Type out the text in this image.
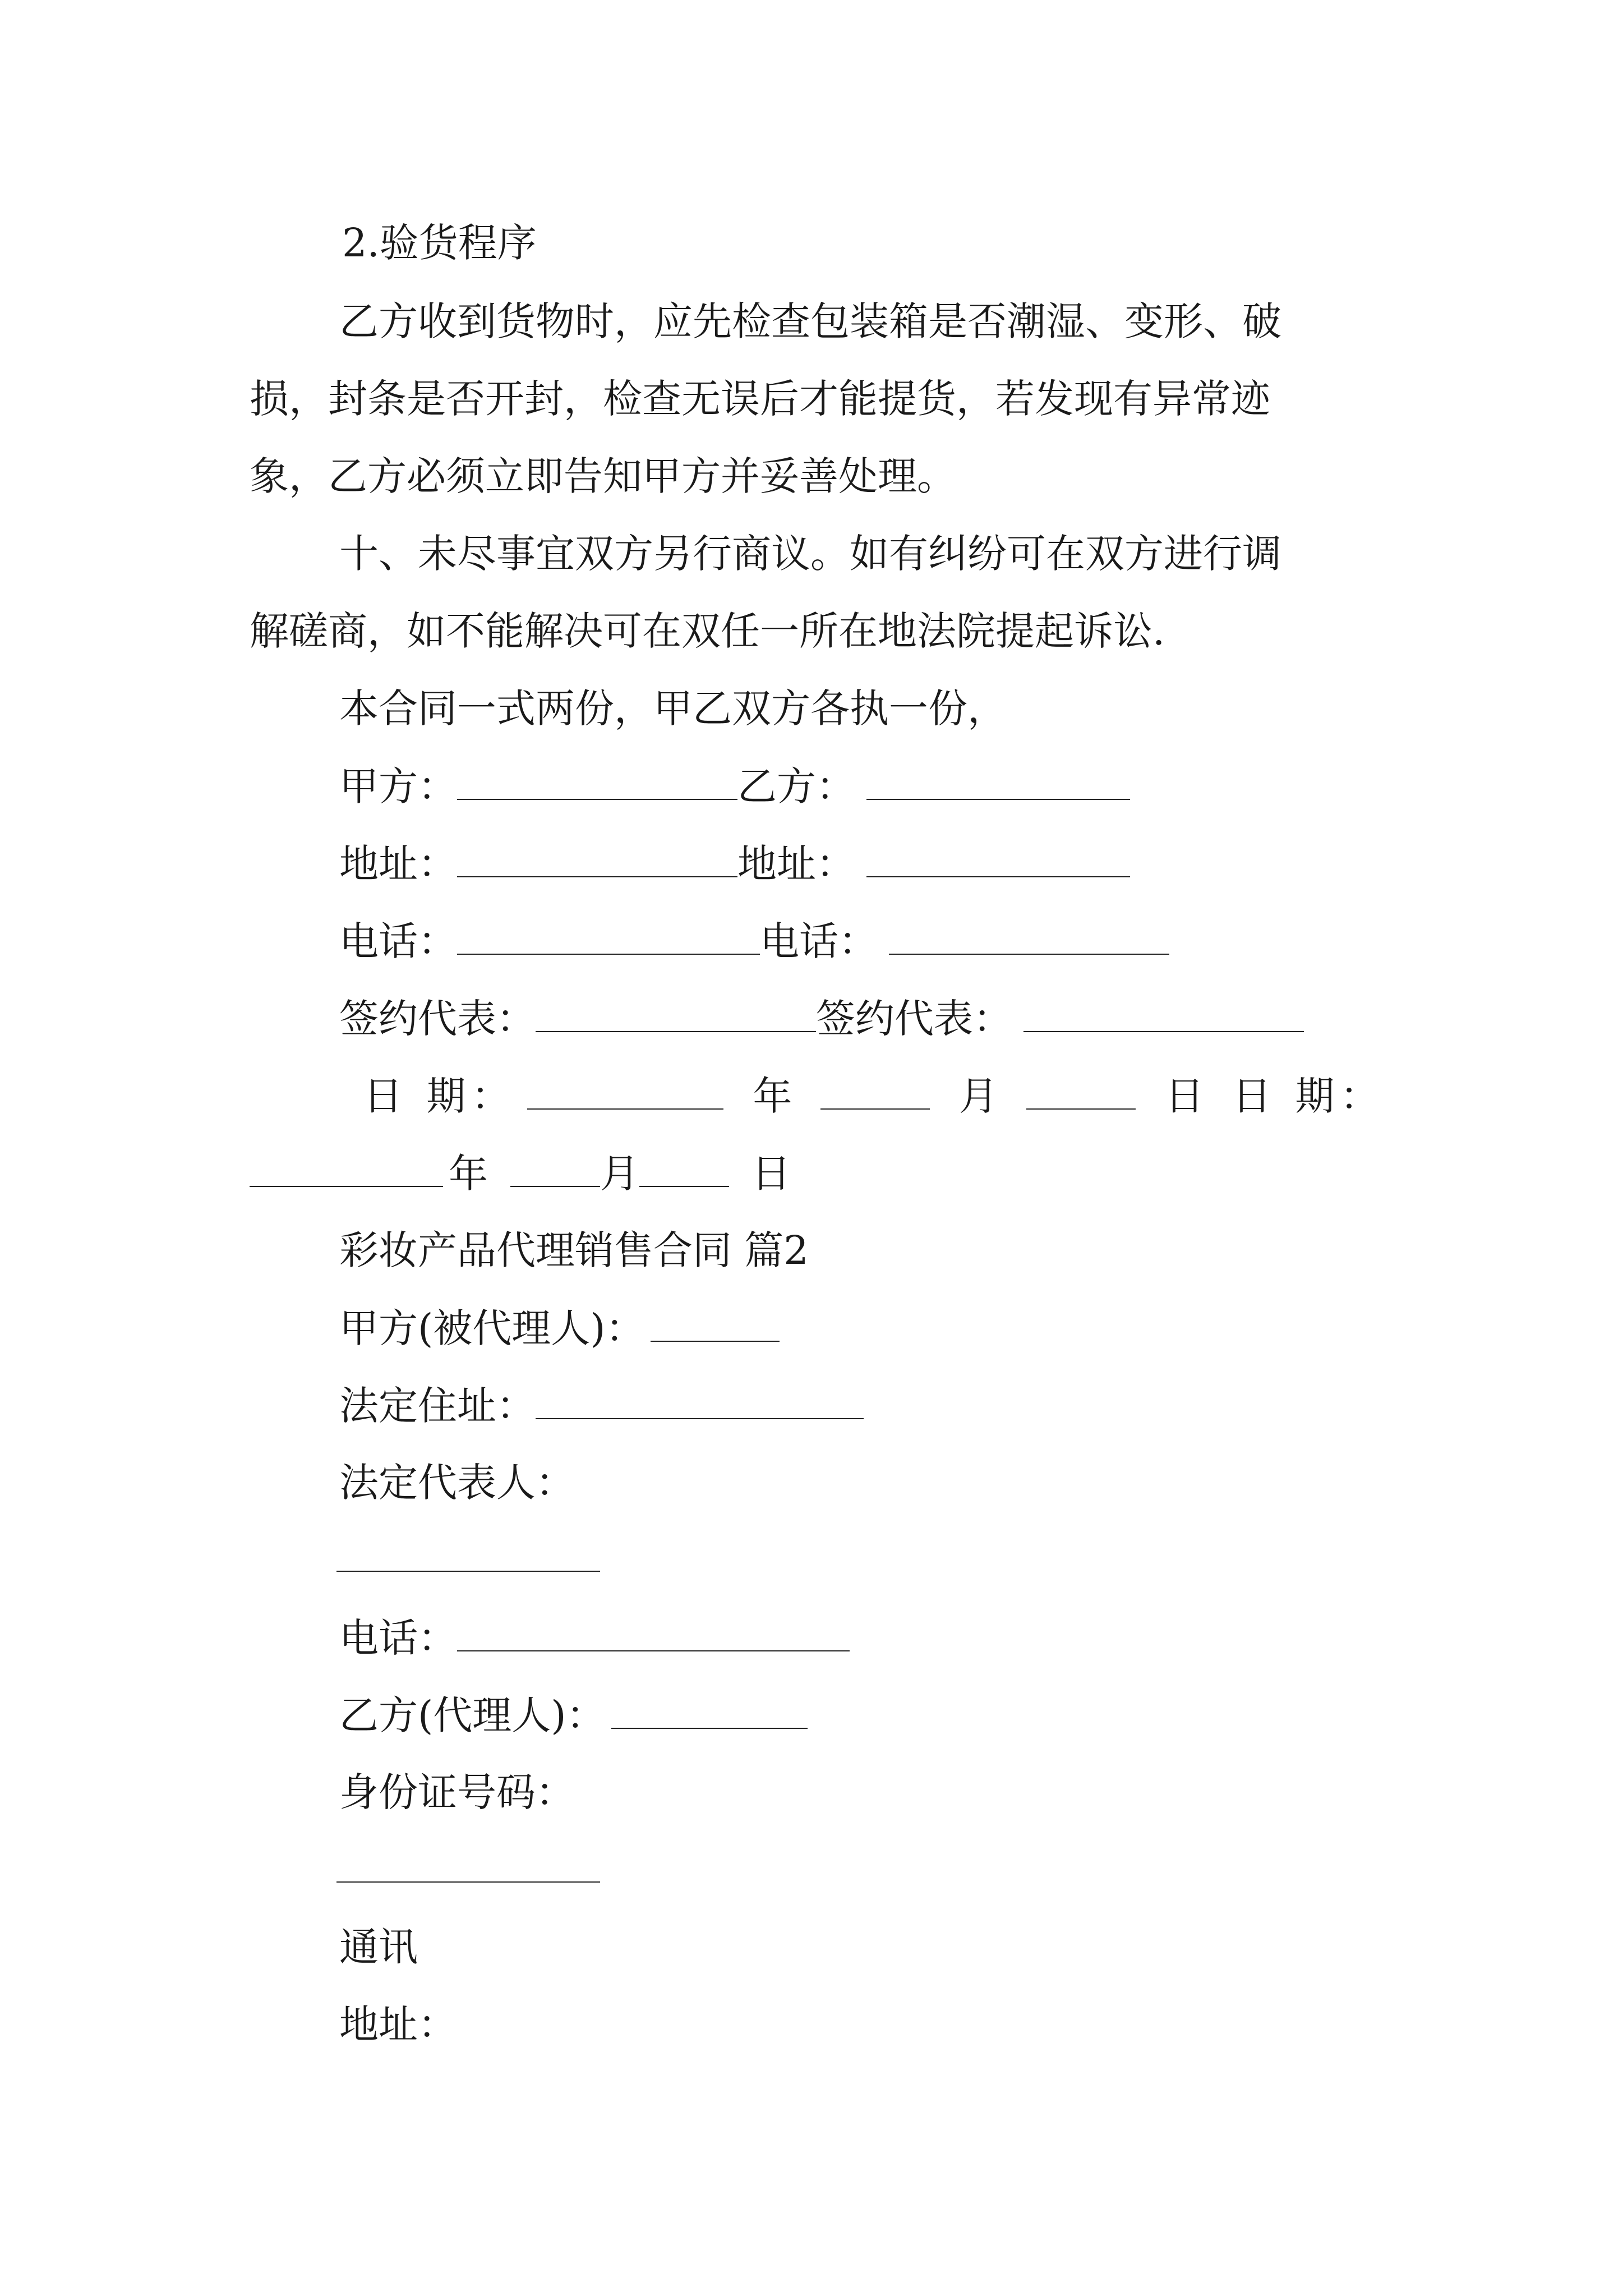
2.验货程序
乙方收到货物时，应先检查包装箱是否潮湿、变形、破
损，封条是否开封，检查无误后才能提货，若发现有异常迹
象，乙方必须立即告知甲方并妥善处理。
十、未尽事宜双方另行商议。如有纠纷可在双方进行调
解磋商，如不能解决可在双任一所在地法院提起诉讼.
本合同一式两份，甲乙双方各执一份，
甲方：	乙方：
地址：	地址：
电话：	电话：
签约代表：	签约代表：
日 期：	年	月	日 日 期：
年	月	日
彩妆产品代理销售合同 篇2
甲方(被代理人)：
法定住址：
法定代表人：
电话：
乙方(代理人)：
身份证号码：
通讯
地址：
